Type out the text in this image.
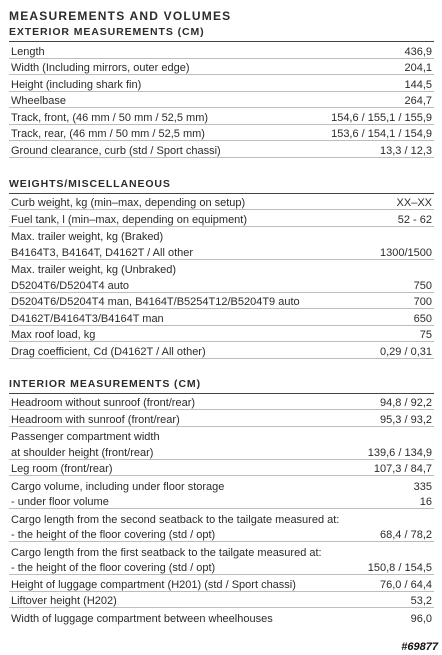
MEASUREMENTS AND VOLUMES
EXTERIOR MEASUREMENTS (CM)
Length	436,9
Width (Including mirrors, outer edge)	204,1
Height (including shark fin)	144,5
Wheelbase	264,7
Track, front, (46 mm / 50 mm / 52,5 mm)	154,6 / 155,1 / 155,9
Track, rear, (46 mm / 50 mm / 52,5 mm)	153,6 / 154,1 / 154,9
Ground clearance, curb (std / Sport chassi)	13,3 / 12,3
WEIGHTS/MISCELLANEOUS
Curb weight, kg (min–max, depending on setup)	XX–XX
Fuel tank, l (min–max, depending on equipment)	52 - 62
Max. trailer weight, kg (Braked)
B4164T3, B4164T, D4162T / All other	1300/1500
Max. trailer weight, kg (Unbraked)
D5204T6/D5204T4 auto	750
D5204T6/D5204T4 man, B4164T/B5254T12/B5204T9 auto	700
D4162T/B4164T3/B4164T man	650
Max roof load, kg	75
Drag coefficient, Cd (D4162T / All other)	0,29 / 0,31
INTERIOR MEASUREMENTS (CM)
Headroom without sunroof (front/rear)	94,8 / 92,2
Headroom with sunroof (front/rear)	95,3 / 93,2
Passenger compartment width
at shoulder height (front/rear)	139,6 / 134,9
Leg room (front/rear)	107,3 / 84,7
Cargo volume, including under floor storage	335
- under floor volume	16
Cargo length from the second seatback to the tailgate measured at:
- the height of the floor covering (std / opt)	68,4 / 78,2
Cargo length from the first seatback to the tailgate measured at:
- the height of the floor covering (std / opt)	150,8 / 154,5
Height of luggage compartment (H201) (std / Sport chassi)	76,0 / 64,4
Liftover height (H202)	53,2
Width of luggage compartment between wheelhouses	96,0
#69877
